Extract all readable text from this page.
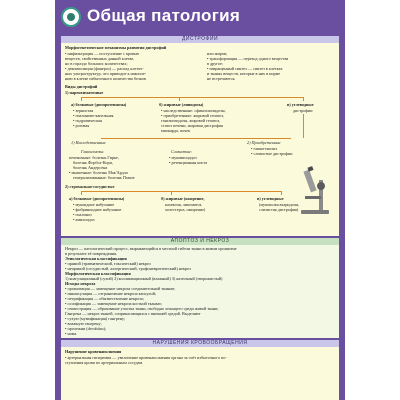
Общая патология
ДИСТРОФИИ
Морфогенетические механизмы развития дистрофий
• инфильтрация — поступление с кровью
веществ, свойственных данной клетке,
но в гораздо больших количествах;
• декомпозиция (фанероз) — распад клеточ-
ных ультраструктур, что приводит к накопле-
нию в клетке избыточного количества белков
или жиров;
• трансформация — переход одного вещества
в другое;
• извращенный синтез — синтез в клетках
и тканях веществ, которые в них в норме
не встречаются.
Виды дистрофий
1) паренхиматозные
а) белковые (диспротеинозы)
• зернистая
• гиалиново-капельная
• гидропическая
• роговая
б) жировые (липидозы)
• наследственные: сфинголипидозы,
• приобретенные: жировой гепатоз,
ганглиозидозы, жировой гепатоз,
статоз печени, жировая дистрофия
миокарда, почек
в) углеводные
дистрофии
1) Наследственные	2) Приобретенные
• гликогенолиз
• слизистые дистрофии
Гликогенозы:
печеночные: болезнь Гирке,
болезнь Форбса-Кори,
болезнь Андерсена
• мышечные: болезнь Мак'Ардла
генерализованные: болезнь Помпе
Слизистые:
• муковисцидоз
• ретенционная киста
2) стромально-сосудистые
а) белковые (диспротеинозы)
• мукоидное набухание
• фибриноидное набухание
• гиалиноз
• амилоидоз
б) жировые (ожирение,
кахексия, липоматоз,
холестероз, ожирение)
в) углеводные
(мукополисахаридозы,
слизистая дистрофия)
АПОПТОЗ И НЕКРОЗ
Некроз — патологический процесс, выражающийся в местной гибели ткани в живом организме
в результате её повреждения.
Этиологическая классификация
• прямой (травматический, токсический) некроз
• непрямой (сосудистый, аллергический, трофоневротический) некроз
Морфологическая классификация
1) коагуляционный (сухой) 2) колликвационный (влажный) 3) казеозный (творожистый)
Исходы некроза
• организация — замещение некроза соединительной тканью;
• инкапсуляция — отграничение некроза капсулой;
• петрификация — обызвествление некроза;
• оссификация — замещение некроза костной тканью;
• секвестрация — образование участка ткани, свободно лежащего среди живой ткани;
Гангрена — некроз тканей, соприкасающихся с внешней средой. Выделяют
• сухую (мумификация) гангрену;
• влажную гангрену;
• пролежни (decubitus);
• нома.
НАРУШЕНИЯ КРОВООБРАЩЕНИЯ
Нарушение кровенаполнения
• артериальная гиперемия — увеличение кровенаполнения органа за счёт избыточного по-
ступления крови по артериальным сосудам.
